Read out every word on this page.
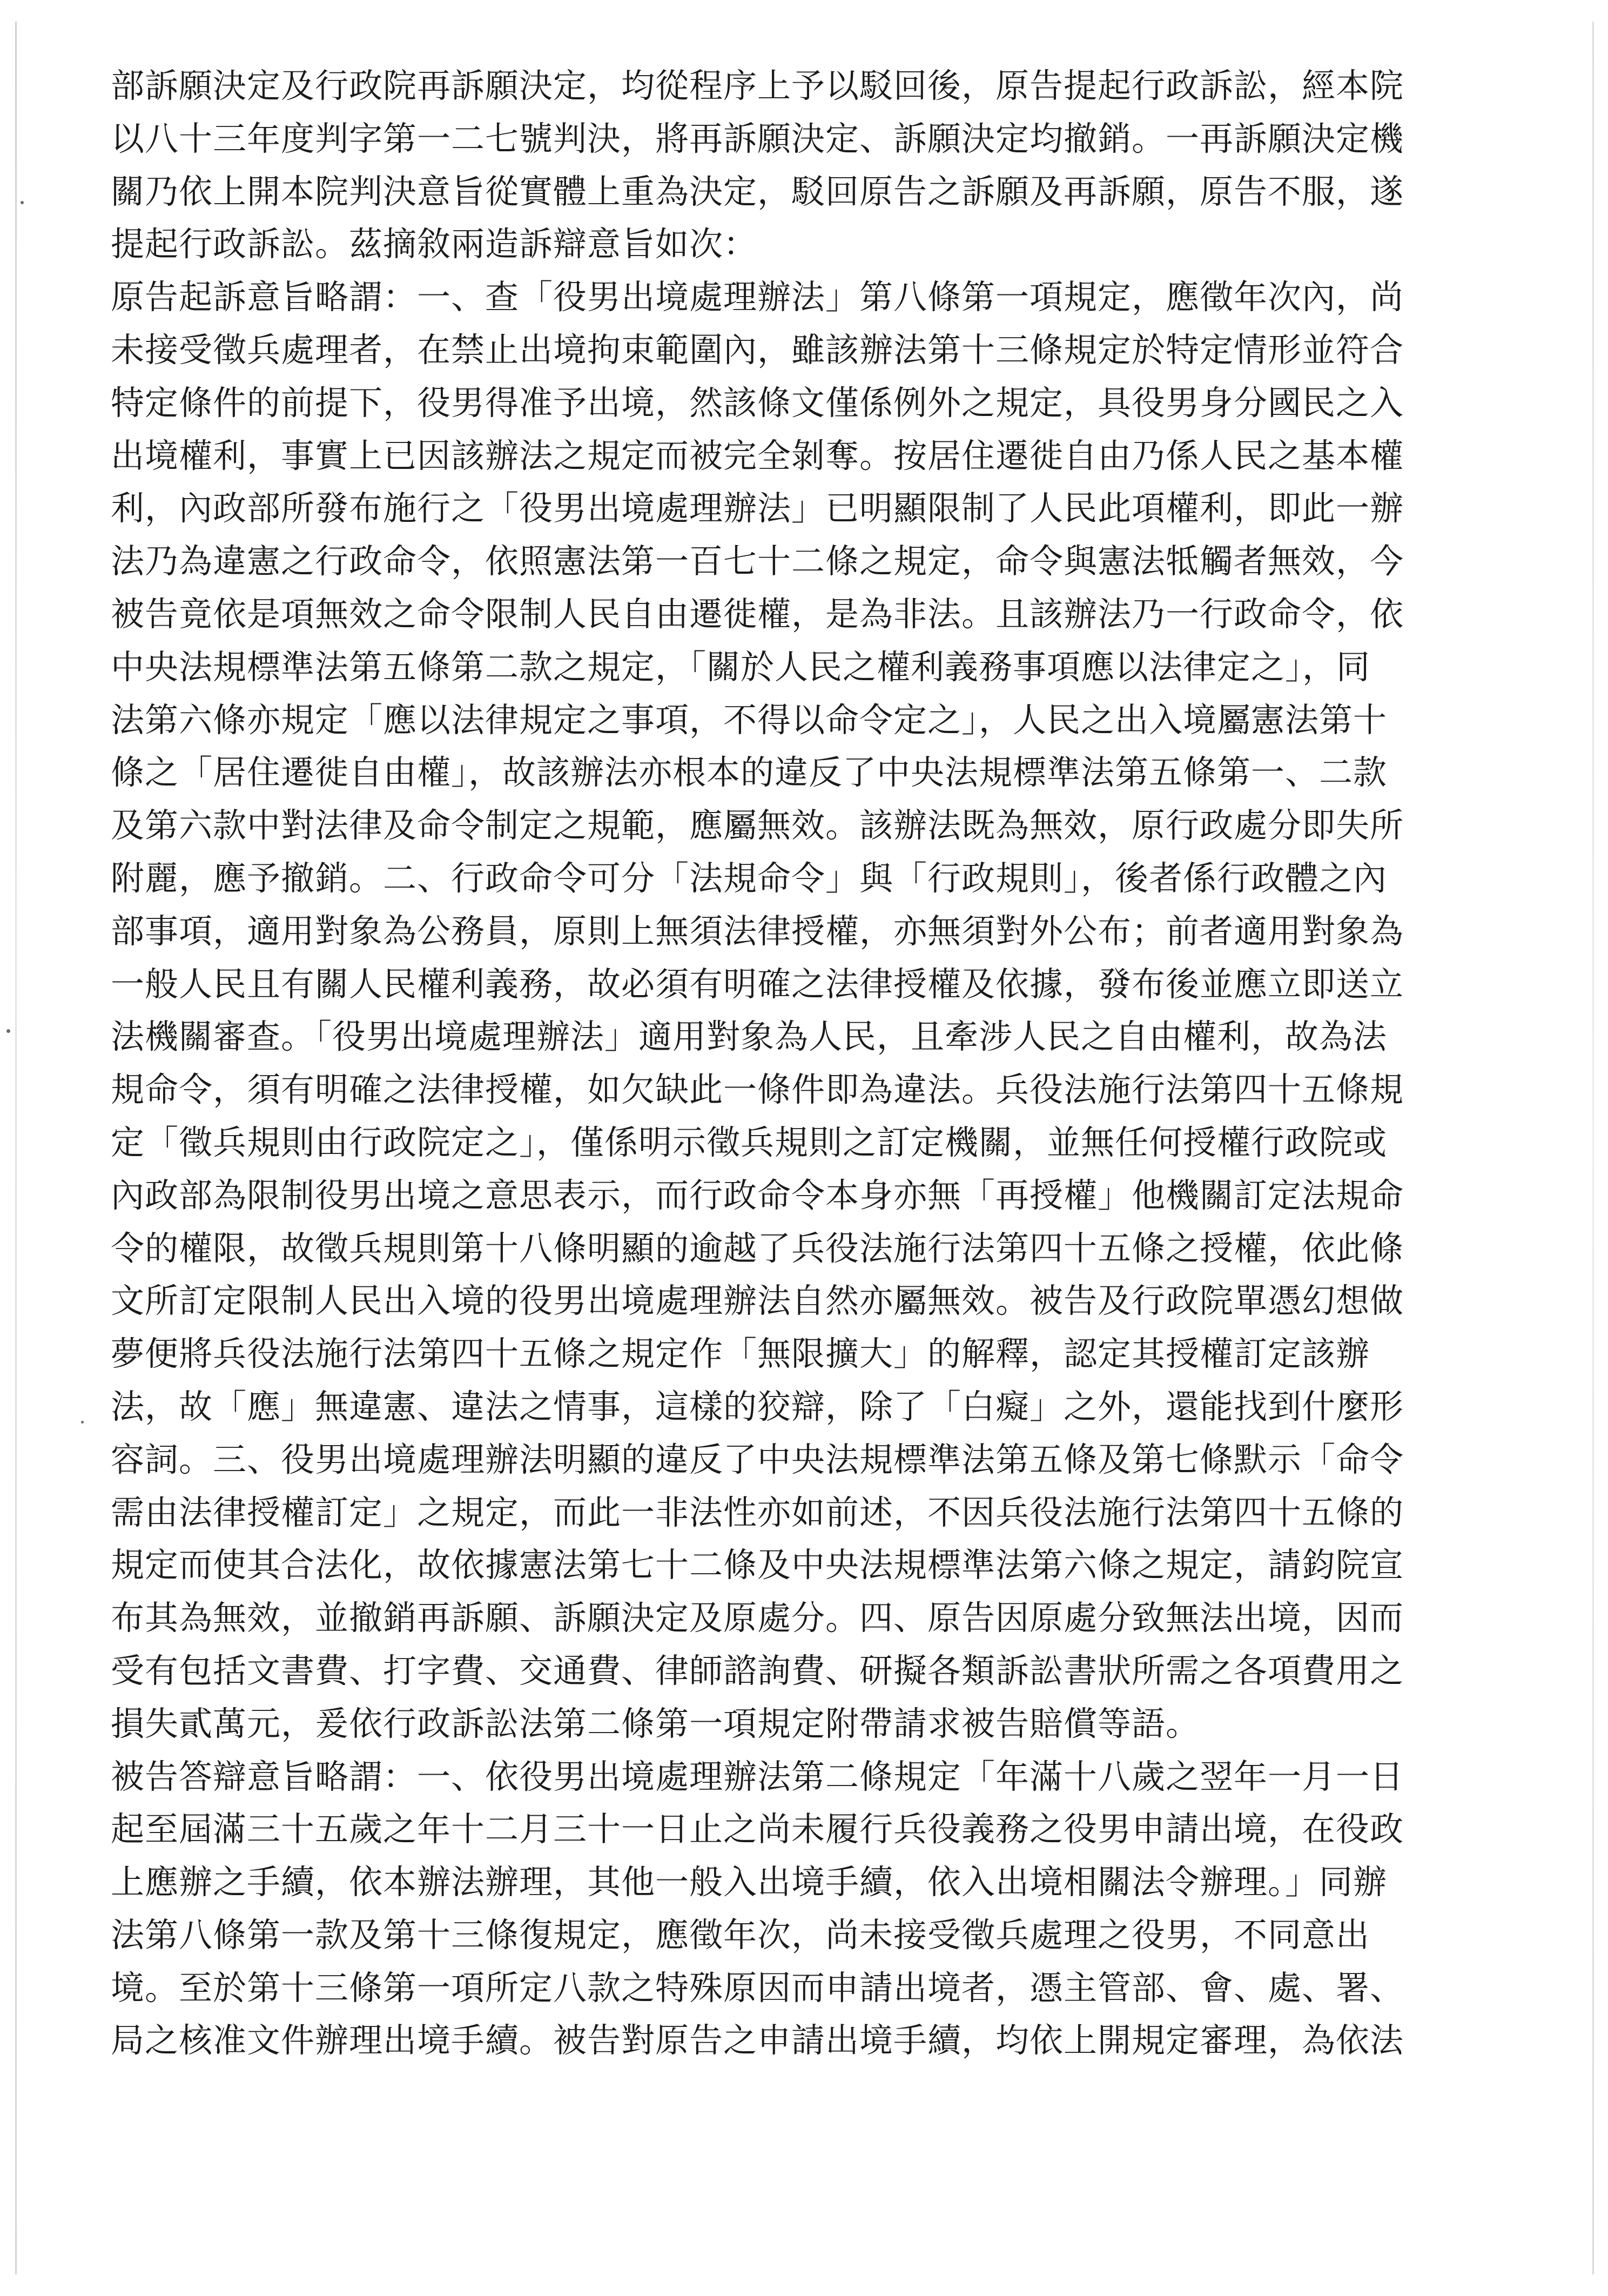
部訴願決定及行政院再訴願決定，均從程序上予以駁回後，原告提起行政訴訟，經本院
以八十三年度判字第一二七號判決，將再訴願決定、訴願決定均撤銷。一再訴願決定機
關乃依上開本院判決意旨從實體上重為決定，駁回原告之訴願及再訴願，原告不服，遂
提起行政訴訟。茲摘敘兩造訴辯意旨如次：
原告起訴意旨略謂：一、查「役男出境處理辦法」第八條第一項規定，應徵年次內，尚
未接受徵兵處理者，在禁止出境拘束範圍內，雖該辦法第十三條規定於特定情形並符合
特定條件的前提下，役男得准予出境，然該條文僅係例外之規定，具役男身分國民之入
出境權利，事實上已因該辦法之規定而被完全剝奪。按居住遷徙自由乃係人民之基本權
利，內政部所發布施行之「役男出境處理辦法」已明顯限制了人民此項權利，即此一辦
法乃為違憲之行政命令，依照憲法第一百七十二條之規定，命令與憲法牴觸者無效，今
被告竟依是項無效之命令限制人民自由遷徙權，是為非法。且該辦法乃一行政命令，依
中央法規標準法第五條第二款之規定，「關於人民之權利義務事項應以法律定之」，同
法第六條亦規定「應以法律規定之事項，不得以命令定之」，人民之出入境屬憲法第十
條之「居住遷徙自由權」，故該辦法亦根本的違反了中央法規標準法第五條第一、二款
及第六款中對法律及命令制定之規範，應屬無效。該辦法既為無效，原行政處分即失所
附麗，應予撤銷。二、行政命令可分「法規命令」與「行政規則」，後者係行政體之內
部事項，適用對象為公務員，原則上無須法律授權，亦無須對外公布；前者適用對象為
一般人民且有關人民權利義務，故必須有明確之法律授權及依據，發布後並應立即送立
法機關審查。「役男出境處理辦法」適用對象為人民，且牽涉人民之自由權利，故為法
規命令，須有明確之法律授權，如欠缺此一條件即為違法。兵役法施行法第四十五條規
定「徵兵規則由行政院定之」，僅係明示徵兵規則之訂定機關，並無任何授權行政院或
內政部為限制役男出境之意思表示，而行政命令本身亦無「再授權」他機關訂定法規命
令的權限，故徵兵規則第十八條明顯的逾越了兵役法施行法第四十五條之授權，依此條
文所訂定限制人民出入境的役男出境處理辦法自然亦屬無效。被告及行政院單憑幻想做
夢便將兵役法施行法第四十五條之規定作「無限擴大」的解釋，認定其授權訂定該辦
法，故「應」無違憲、違法之情事，這樣的狡辯，除了「白癡」之外，還能找到什麼形
容詞。三、役男出境處理辦法明顯的違反了中央法規標準法第五條及第七條默示「命令
需由法律授權訂定」之規定，而此一非法性亦如前述，不因兵役法施行法第四十五條的
規定而使其合法化，故依據憲法第七十二條及中央法規標準法第六條之規定，請鈞院宣
布其為無效，並撤銷再訴願、訴願決定及原處分。四、原告因原處分致無法出境，因而
受有包括文書費、打字費、交通費、律師諮詢費、研擬各類訴訟書狀所需之各項費用之
損失貳萬元，爰依行政訴訟法第二條第一項規定附帶請求被告賠償等語。
被告答辯意旨略謂：一、依役男出境處理辦法第二條規定「年滿十八歲之翌年一月一日
起至屆滿三十五歲之年十二月三十一日止之尚未履行兵役義務之役男申請出境，在役政
上應辦之手續，依本辦法辦理，其他一般入出境手續，依入出境相關法令辦理。」同辦
法第八條第一款及第十三條復規定，應徵年次，尚未接受徵兵處理之役男，不同意出
境。至於第十三條第一項所定八款之特殊原因而申請出境者，憑主管部、會、處、署、
局之核准文件辦理出境手續。被告對原告之申請出境手續，均依上開規定審理，為依法
